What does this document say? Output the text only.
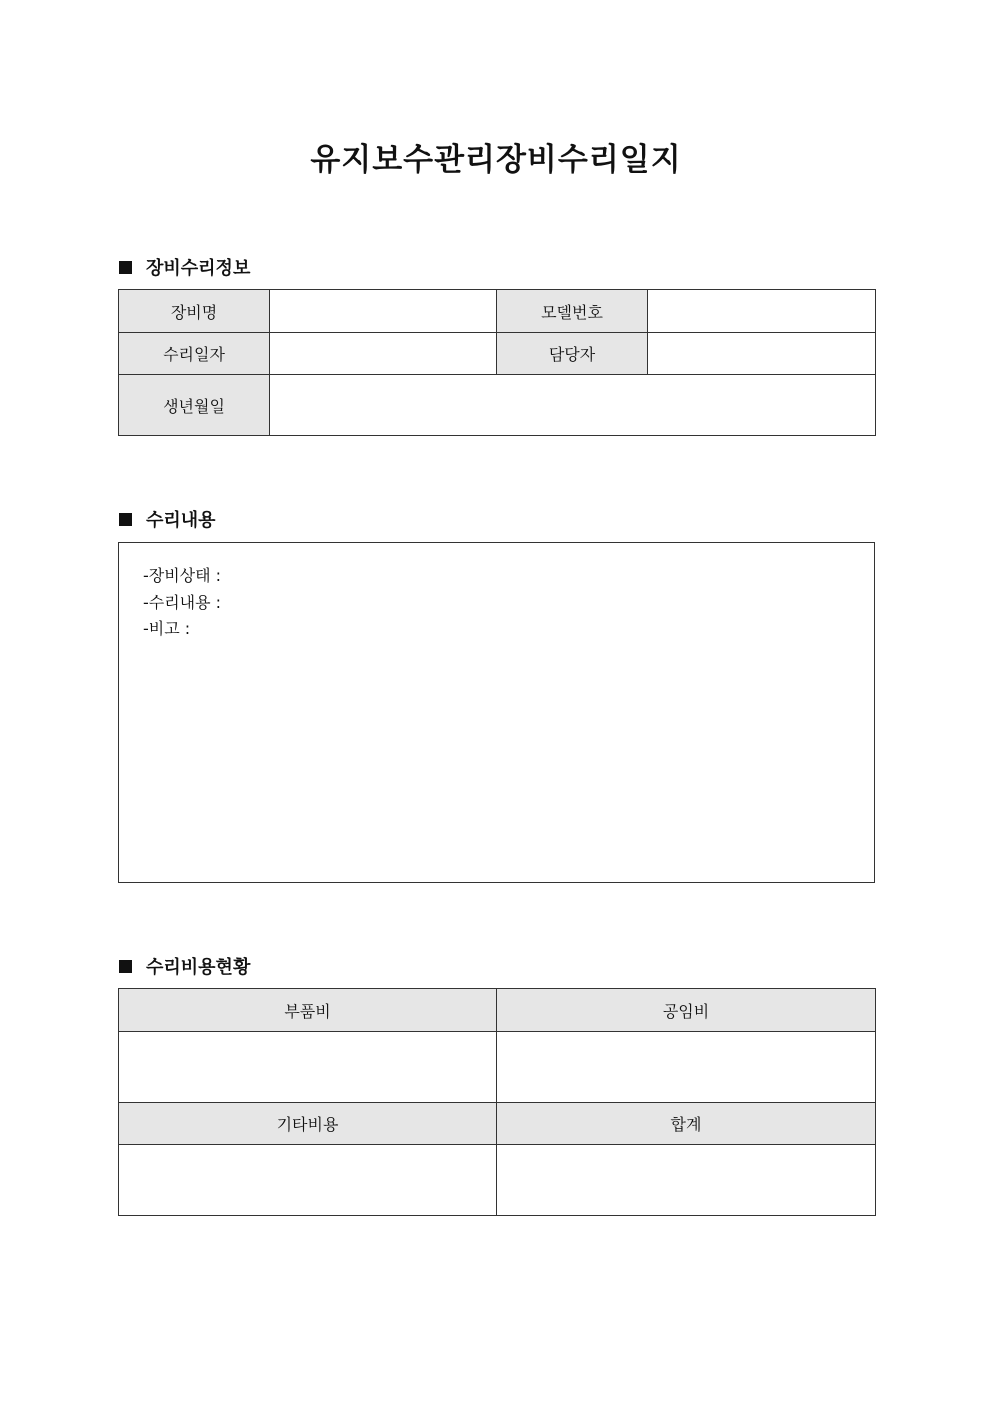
유지보수관리장비수리일지
장비수리정보
장비명		모델번호	
수리일자		담당자	
생년월일			
수리내용
-장비상태 :
-수리내용 :
-비고 :
수리비용현황
부품비	공임비

기타비용	합계
